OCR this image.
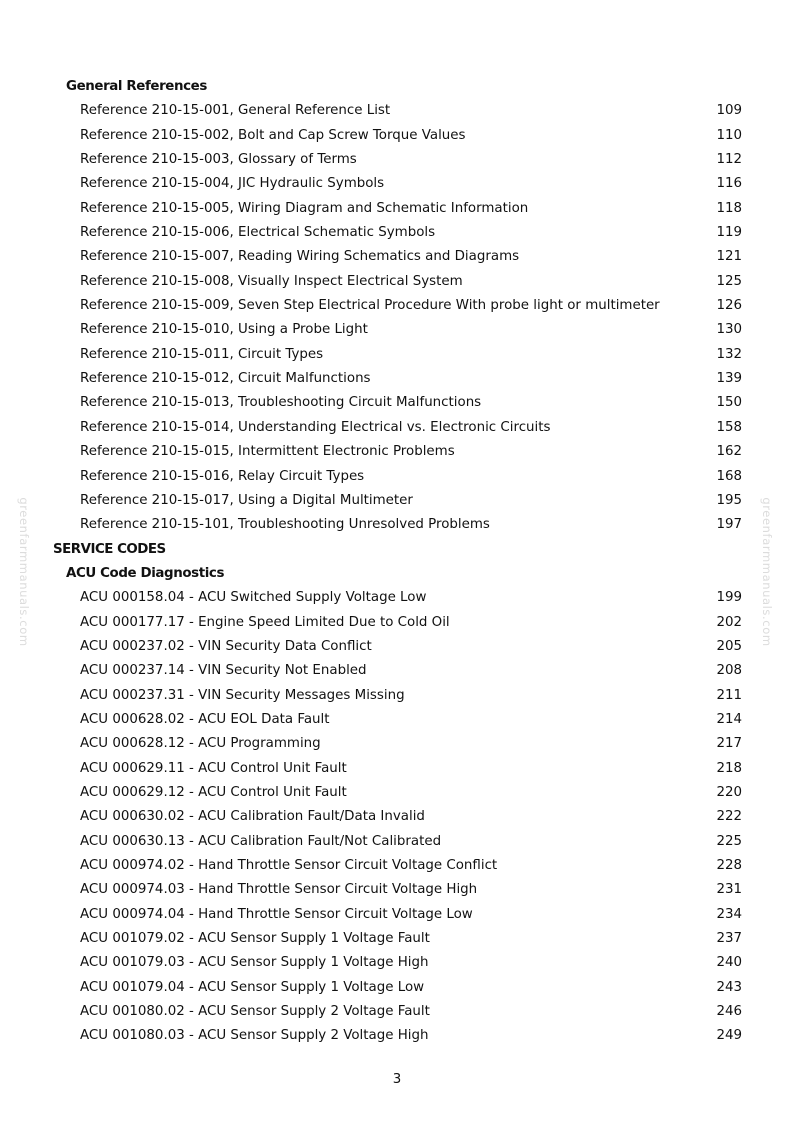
General References
Reference 210-15-001, General Reference List	109
Reference 210-15-002, Bolt and Cap Screw Torque Values	110
Reference 210-15-003, Glossary of Terms	112
Reference 210-15-004, JIC Hydraulic Symbols	116
Reference 210-15-005, Wiring Diagram and Schematic Information	118
Reference 210-15-006, Electrical Schematic Symbols	119
Reference 210-15-007, Reading Wiring Schematics and Diagrams	121
Reference 210-15-008, Visually Inspect Electrical System	125
Reference 210-15-009, Seven Step Electrical Procedure With probe light or multimeter	126
Reference 210-15-010, Using a Probe Light	130
Reference 210-15-011, Circuit Types	132
Reference 210-15-012, Circuit Malfunctions	139
Reference 210-15-013, Troubleshooting Circuit Malfunctions	150
Reference 210-15-014, Understanding Electrical vs. Electronic Circuits	158
Reference 210-15-015, Intermittent Electronic Problems	162
Reference 210-15-016, Relay Circuit Types	168
Reference 210-15-017, Using a Digital Multimeter	195
Reference 210-15-101, Troubleshooting Unresolved Problems	197
SERVICE CODES
ACU Code Diagnostics
ACU 000158.04 - ACU Switched Supply Voltage Low	199
ACU 000177.17 - Engine Speed Limited Due to Cold Oil	202
ACU 000237.02 - VIN Security Data Conflict	205
ACU 000237.14 - VIN Security Not Enabled	208
ACU 000237.31 - VIN Security Messages Missing	211
ACU 000628.02 - ACU EOL Data Fault	214
ACU 000628.12 - ACU Programming	217
ACU 000629.11 - ACU Control Unit Fault	218
ACU 000629.12 - ACU Control Unit Fault	220
ACU 000630.02 - ACU Calibration Fault/Data Invalid	222
ACU 000630.13 - ACU Calibration Fault/Not Calibrated	225
ACU 000974.02 - Hand Throttle Sensor Circuit Voltage Conflict	228
ACU 000974.03 - Hand Throttle Sensor Circuit Voltage High	231
ACU 000974.04 - Hand Throttle Sensor Circuit Voltage Low	234
ACU 001079.02 - ACU Sensor Supply 1 Voltage Fault	237
ACU 001079.03 - ACU Sensor Supply 1 Voltage High	240
ACU 001079.04 - ACU Sensor Supply 1 Voltage Low	243
ACU 001080.02 - ACU Sensor Supply 2 Voltage Fault	246
ACU 001080.03 - ACU Sensor Supply 2 Voltage High	249
3
greenfarmmanuals.com	greenfarmmanuals.com
